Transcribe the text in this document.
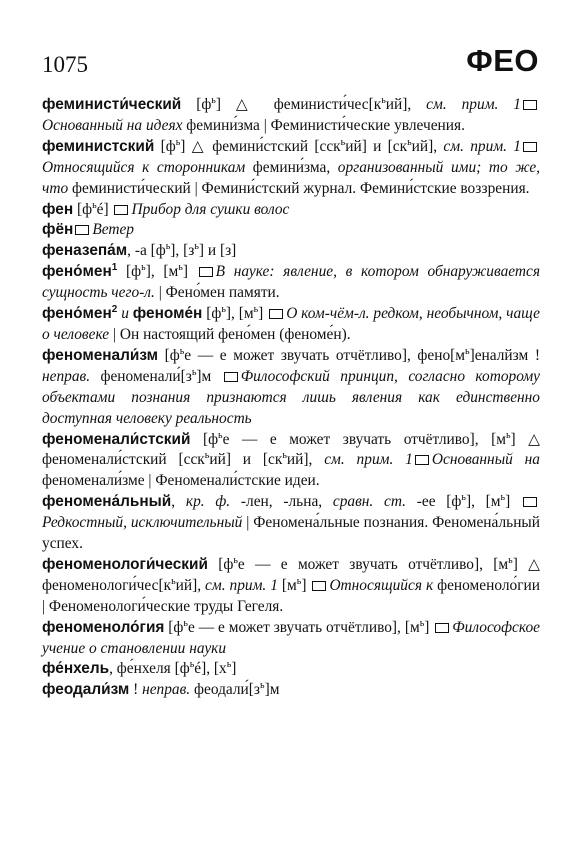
1075	ФЕО

феминисти́ческий $[ф^ь]$ △ $феминисти́чес[к^ьий]$, см. прим. 1Основанный на идеях фемини́зма | Феминисти́ческие увлечения.

феминистский $[ф^ь]$ △ фемини́стский [сск$^ь$ий] и $[ск^ьий]$, см. прим. 1Относящийся к сторонникам фемини́зма, организованный ими; то же, что феминисти́ческий | Фемини́стский журнал. Фемини́стские воззрения.

фен $[ф^ьé]$ Прибор для сушки волос

фён Ветер

феназепа́м, -а $[ф^ь]$, $[з^ь]$ и [з]

фено́мен$^1$ $[ф^ь]$, $[м^ь]$ В науке: явление, в котором обнаруживается сущность чего-л. | Фено́мен памяти.

фено́мен$^2$ и феноме́н $[ф^ь]$, $[м^ь]$ О ком-чём-л. редком, необычном, чаще о человеке | Он настоящий фено́мен (феноме́н).

феноменали́зм [$ф^ье$ — е может звучать отчётливо], $фено[м^ь]еналйзм$ ! неправ. $феноменали́[з^ь]м$ Философский принцип, согласно которому объектами познания признаются лишь явления как единственно доступная человеку реальность

феноменали́стский [$ф^ье$ — е может звучать отчётливо], $[м^ь]$ △ феноменали́стский [сск$^ь$ий] и $[ск^ьий]$, см. прим. 1 Основанный на феноменали́зме | Феноменали́стские идеи.

феномена́льный, кр. ф. -лен, -льна, сравн. ст. -ее $[ф^ь]$, $[м^ь]$ Редкостный, исключительный | Феномена́льные познания. Феномена́льный успех.

феноменологи́ческий [$ф^ье$ — е может звучать отчётливо], $[м^ь]$ △ $феноменологи́чес[к^ьий]$, см. прим. 1 $[м^ь]$ Относящийся к феноменоло́гии | Феноменологи́ческие труды Гегеля.

феноменоло́гия [$ф^ье$ — е может звучать отчётливо], $[м^ь]$ Философское учение о становлении науки

фе́нхель, фе́нхеля $[ф^ьé]$, $[х^ь]$

феодали́зм ! неправ. $феодали́[з^ь]м$
